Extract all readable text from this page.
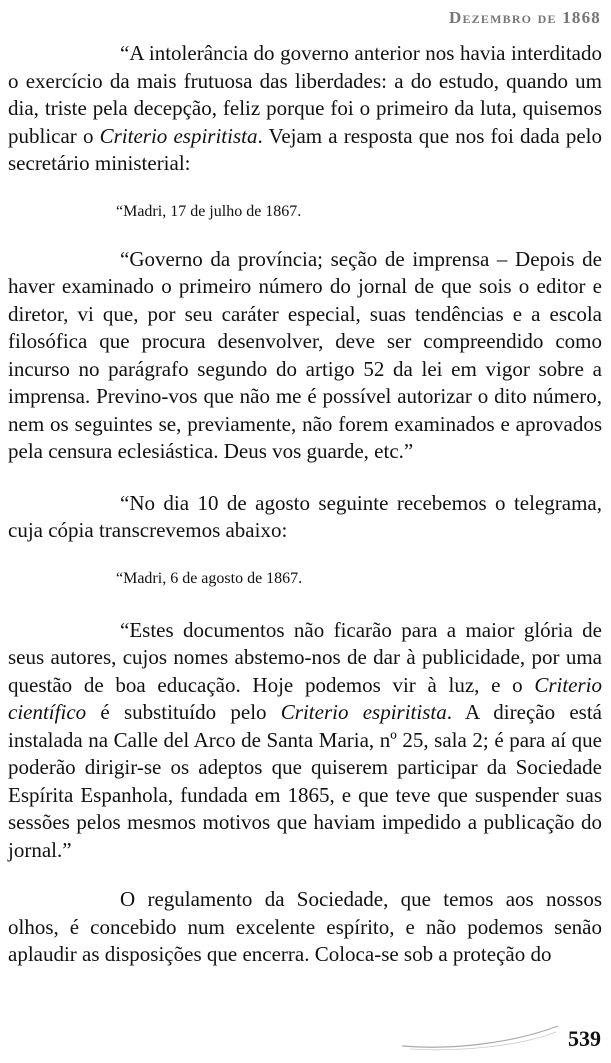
Dezembro de 1868

“A intolerância do governo anterior nos havia interditado o exercício da mais frutuosa das liberdades: a do estudo, quando um dia, triste pela decepção, feliz porque foi o primeiro da luta, quisemos publicar o Criterio espiritista. Vejam a resposta que nos foi dada pelo secretário ministerial:

“Madri, 17 de julho de 1867.

“Governo da província; seção de imprensa – Depois de haver examinado o primeiro número do jornal de que sois o editor e diretor, vi que, por seu caráter especial, suas tendências e a escola filosófica que procura desenvolver, deve ser compreendido como incurso no parágrafo segundo do artigo 52 da lei em vigor sobre a imprensa. Previno-vos que não me é possível autorizar o dito número, nem os seguintes se, previamente, não forem examinados e aprovados pela censura eclesiástica. Deus vos guarde, etc.”

“No dia 10 de agosto seguinte recebemos o telegrama, cuja cópia transcrevemos abaixo:

“Madri, 6 de agosto de 1867.

“Estes documentos não ficarão para a maior glória de seus autores, cujos nomes abstemo-nos de dar à publicidade, por uma questão de boa educação. Hoje podemos vir à luz, e o Criterio científico é substituído pelo Criterio espiritista. A direção está instalada na Calle del Arco de Santa Maria, nº 25, sala 2; é para aí que poderão dirigir-se os adeptos que quiserem participar da Sociedade Espírita Espanhola, fundada em 1865, e que teve que suspender suas sessões pelos mesmos motivos que haviam impedido a publicação do jornal.”

O regulamento da Sociedade, que temos aos nossos olhos, é concebido num excelente espírito, e não podemos senão aplaudir as disposições que encerra. Coloca-se sob a proteção do

539
